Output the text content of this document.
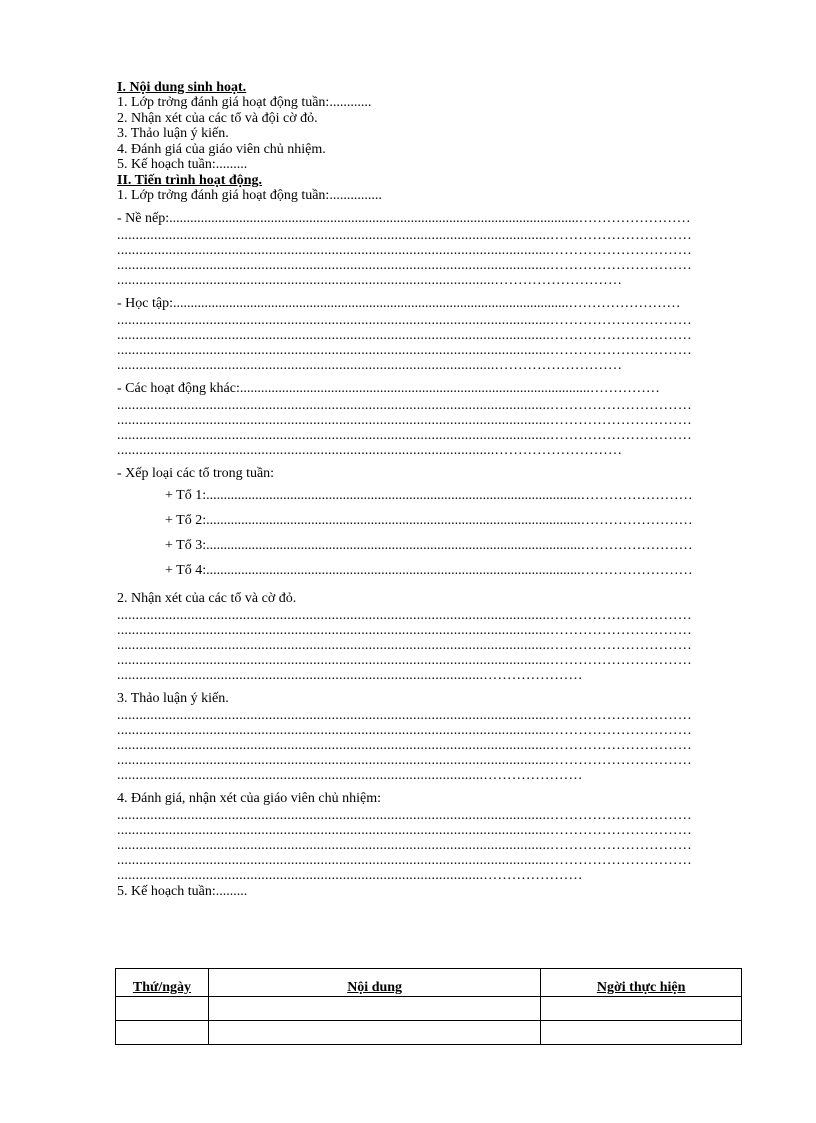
I. Nội dung sinh hoạt.
1. Lớp trởng đánh giá hoạt động tuần:............
2. Nhận xét của các tổ và đội cờ đỏ.
3. Thảo luận ý kiến.
4. Đánh giá của giáo viên chủ nhiệm.
5. Kế hoạch tuần:.........
II. Tiến trình hoạt động.
1. Lớp trởng đánh giá hoạt động tuần:...............
- Nề nếp:.....................................................................................................................……………………
.....................................................................................................................…………………………
.....................................................................................................................…………………………
.....................................................................................................................…………………………
......................................................................................................………………………
- Học tập:.................................................................................................................……………………
.....................................................................................................................…………………………
.....................................................................................................................…………………………
.....................................................................................................................…………………………
......................................................................................................………………………
- Các hoạt động khác:....................................................................................................……………
.....................................................................................................................…………………………
.....................................................................................................................…………………………
.....................................................................................................................…………………………
......................................................................................................………………………
- Xếp loại các tổ trong tuần:
+ Tổ 1:...........................................................................................................……………………
+ Tổ 2:...........................................................................................................……………………
+ Tổ 3:...........................................................................................................……………………
+ Tổ 4:...........................................................................................................……………………
2. Nhận xét của các tổ và cờ đỏ.
.....................................................................................................................…………………………
.....................................................................................................................…………………………
.....................................................................................................................…………………………
.....................................................................................................................…………………………
...................................................................................................…………………
3. Thảo luận ý kiến.
.....................................................................................................................…………………………
.....................................................................................................................…………………………
.....................................................................................................................…………………………
.....................................................................................................................…………………………
...................................................................................................…………………
4. Đánh giá, nhận xét của giáo viên chủ nhiệm:
.....................................................................................................................…………………………
.....................................................................................................................…………………………
.....................................................................................................................…………………………
.....................................................................................................................…………………………
...................................................................................................…………………
5. Kế hoạch tuần:.........
Thứ/ngày	Nội dung	Ngời thực hiện
